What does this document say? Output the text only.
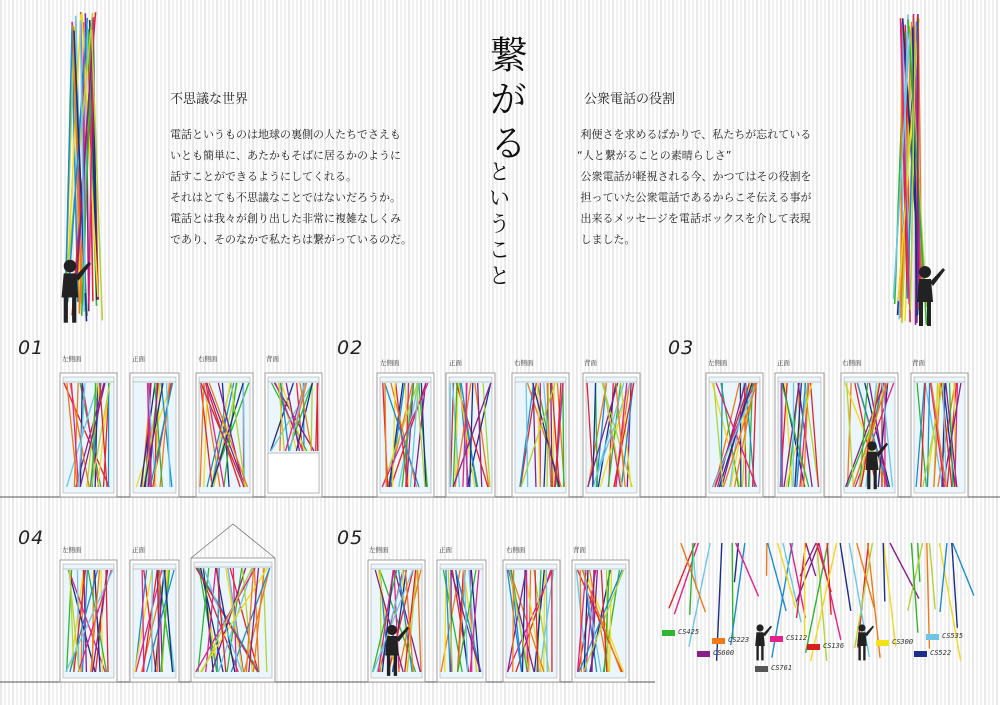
繋がる
ということ
不思議な世界
電話というものは地球の裏側の人たちでさえも
いとも簡単に、あたかもそばに居るかのように
話すことができるようにしてくれる。
それはとても不思議なことではないだろうか。
電話とは我々が創り出した非常に複雑なしくみ
であり、そのなかで私たちは繋がっているのだ。
公衆電話の役割
利便さを求めるばかりで、私たちが忘れている
“人と繋がることの素晴らしさ”
公衆電話が軽視される今、かつてはその役割を
担っていた公衆電話であるからこそ伝える事が
出来るメッセージを電話ボックスを介して表現
しました。
01	02	03
04	05
左側面	正面	右側面	背面	左側面	正面	右側面	背面	左側面	正面	右側面	背面
左側面	正面	左側面	正面	右側面	背面
CS425
CS223
CS600
CS112
CS761
CS136	CS300
CS535
CS522
